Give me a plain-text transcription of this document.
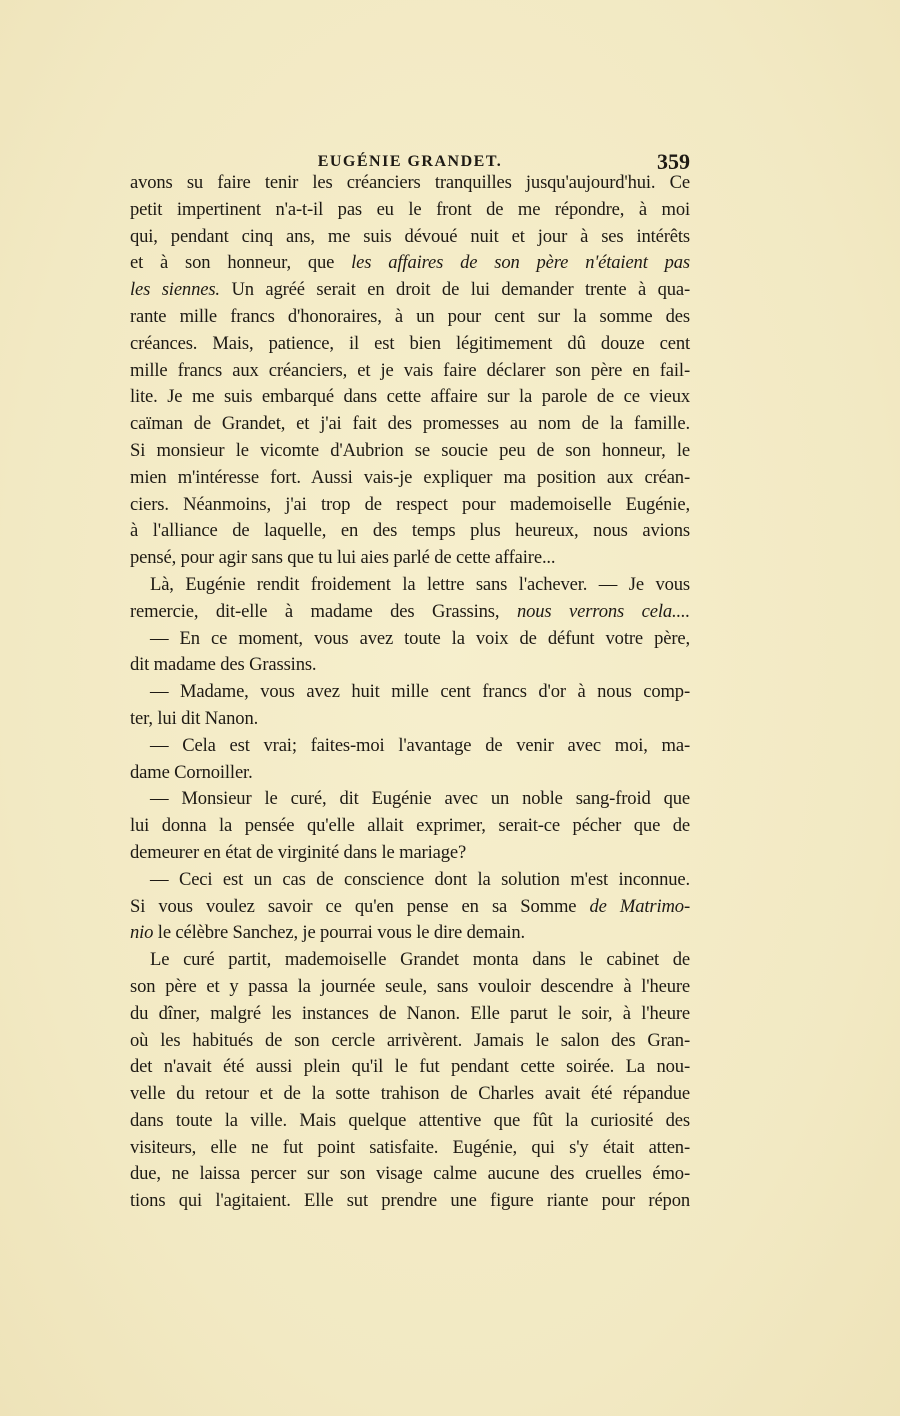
EUGÉNIE GRANDET.	359
avons su faire tenir les créanciers tranquilles jusqu'aujourd'hui. Ce
petit impertinent n'a-t-il pas eu le front de me répondre, à moi
qui, pendant cinq ans, me suis dévoué nuit et jour à ses intérêts
et à son honneur, que les affaires de son père n'étaient pas
les siennes. Un agréé serait en droit de lui demander trente à qua-
rante mille francs d'honoraires, à un pour cent sur la somme des
créances. Mais, patience, il est bien légitimement dû douze cent
mille francs aux créanciers, et je vais faire déclarer son père en fail-
lite. Je me suis embarqué dans cette affaire sur la parole de ce vieux
caïman de Grandet, et j'ai fait des promesses au nom de la famille.
Si monsieur le vicomte d'Aubrion se soucie peu de son honneur, le
mien m'intéresse fort. Aussi vais-je expliquer ma position aux créan-
ciers. Néanmoins, j'ai trop de respect pour mademoiselle Eugénie,
à l'alliance de laquelle, en des temps plus heureux, nous avions
pensé, pour agir sans que tu lui aies parlé de cette affaire...
Là, Eugénie rendit froidement la lettre sans l'achever. — Je vous
remercie, dit-elle à madame des Grassins, nous verrons cela....
— En ce moment, vous avez toute la voix de défunt votre père,
dit madame des Grassins.
— Madame, vous avez huit mille cent francs d'or à nous comp-
ter, lui dit Nanon.
— Cela est vrai; faites-moi l'avantage de venir avec moi, ma-
dame Cornoiller.
— Monsieur le curé, dit Eugénie avec un noble sang-froid que
lui donna la pensée qu'elle allait exprimer, serait-ce pécher que de
demeurer en état de virginité dans le mariage?
— Ceci est un cas de conscience dont la solution m'est inconnue.
Si vous voulez savoir ce qu'en pense en sa Somme de Matrimo-
nio le célèbre Sanchez, je pourrai vous le dire demain.
Le curé partit, mademoiselle Grandet monta dans le cabinet de
son père et y passa la journée seule, sans vouloir descendre à l'heure
du dîner, malgré les instances de Nanon. Elle parut le soir, à l'heure
où les habitués de son cercle arrivèrent. Jamais le salon des Gran-
det n'avait été aussi plein qu'il le fut pendant cette soirée. La nou-
velle du retour et de la sotte trahison de Charles avait été répandue
dans toute la ville. Mais quelque attentive que fût la curiosité des
visiteurs, elle ne fut point satisfaite. Eugénie, qui s'y était atten-
due, ne laissa percer sur son visage calme aucune des cruelles émo-
tions qui l'agitaient. Elle sut prendre une figure riante pour répon
